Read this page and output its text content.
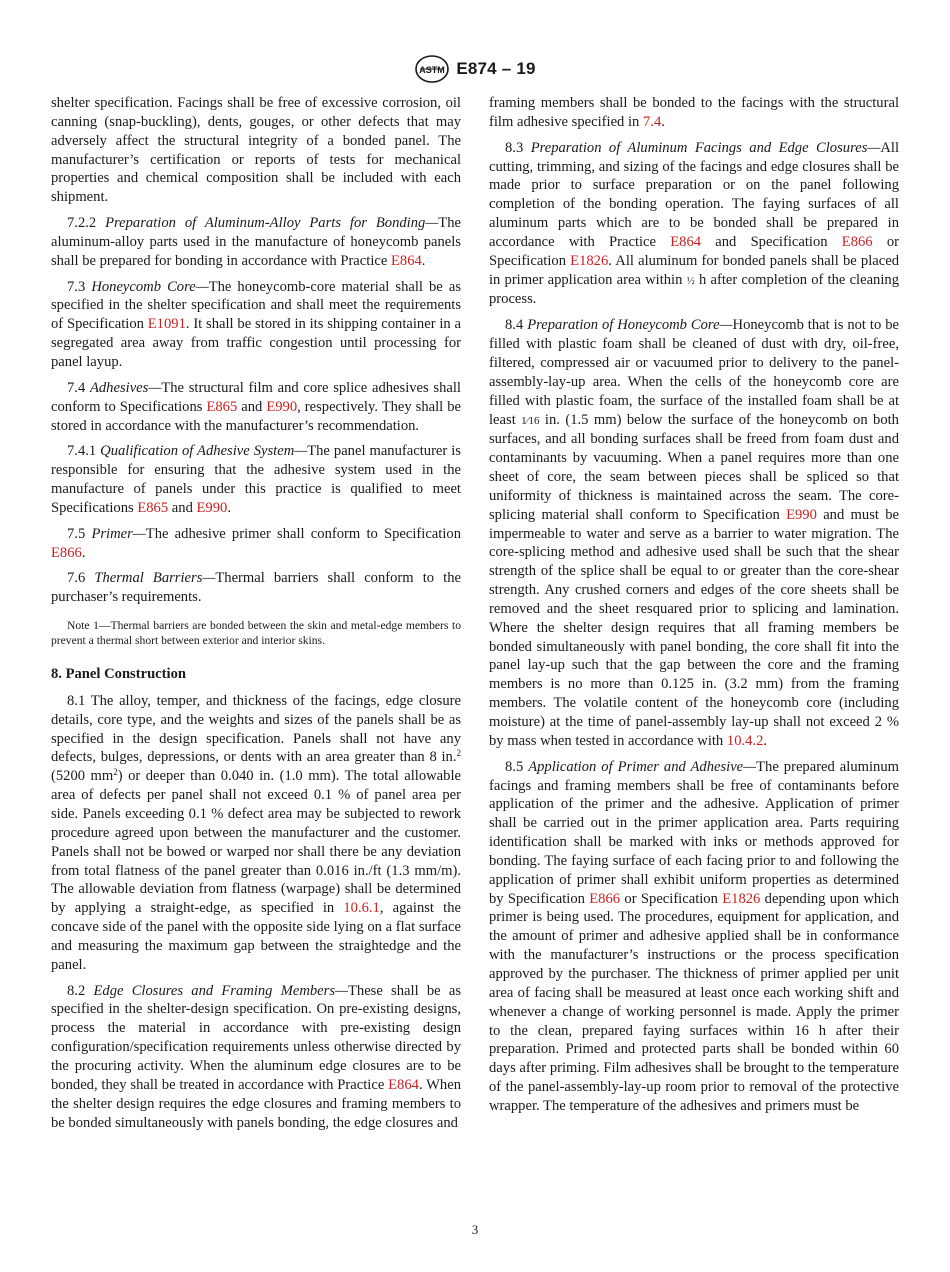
ASTM E874 – 19

shelter specification. Facings shall be free of excessive corrosion, oil canning (snap-buckling), dents, gouges, or other defects that may adversely affect the structural integrity of a bonded panel. The manufacturer’s certification or reports of tests for mechanical properties and chemical composition shall be included with each shipment.

7.2.2 Preparation of Aluminum-Alloy Parts for Bonding—The aluminum-alloy parts used in the manufacture of honeycomb panels shall be prepared for bonding in accordance with Practice E864.

7.3 Honeycomb Core—The honeycomb-core material shall be as specified in the shelter specification and shall meet the requirements of Specification E1091. It shall be stored in its shipping container in a segregated area away from traffic congestion until processing for panel layup.

7.4 Adhesives—The structural film and core splice adhesives shall conform to Specifications E865 and E990, respectively. They shall be stored in accordance with the manufacturer’s recommendation.

7.4.1 Qualification of Adhesive System—The panel manufacturer is responsible for ensuring that the adhesive system used in the manufacture of panels under this practice is qualified to meet Specifications E865 and E990.

7.5 Primer—The adhesive primer shall conform to Specification E866.

7.6 Thermal Barriers—Thermal barriers shall conform to the purchaser’s requirements.

Note 1—Thermal barriers are bonded between the skin and metal-edge members to prevent a thermal short between exterior and interior skins.

8. Panel Construction

8.1 The alloy, temper, and thickness of the facings, edge closure details, core type, and the weights and sizes of the panels shall be as specified in the design specification. Panels shall not have any defects, bulges, depressions, or dents with an area greater than 8 in.$^2$ (5200 $mm^2$) or deeper than 0.040 in. (1.0 mm). The total allowable area of defects per panel shall not exceed 0.1 % of panel area per side. Panels exceeding 0.1 % defect area may be subjected to rework procedure agreed upon between the manufacturer and the customer. Panels shall not be bowed or warped nor shall there be any deviation from total flatness of the panel greater than 0.016 in./ft (1.3 mm/m). The allowable deviation from flatness (warpage) shall be determined by applying a straight-edge, as specified in 10.6.1, against the concave side of the panel with the opposite side lying on a flat surface and measuring the maximum gap between the straightedge and the panel.

8.2 Edge Closures and Framing Members—These shall be as specified in the shelter-design specification. On pre-existing designs, process the material in accordance with pre-existing design configuration/specification requirements unless otherwise directed by the procuring activity. When the aluminum edge closures are to be bonded, they shall be treated in accordance with Practice E864. When the shelter design requires the edge closures and framing members to be bonded simultaneously with panels bonding, the edge closures and

framing members shall be bonded to the facings with the structural film adhesive specified in 7.4.

8.3 Preparation of Aluminum Facings and Edge Closures—All cutting, trimming, and sizing of the facings and edge closures shall be made prior to surface preparation or on the panel following completion of the bonding operation. The faying surfaces of all aluminum parts which are to be bonded shall be prepared in accordance with Practice E864 and Specification E866 or Specification E1826. All aluminum for bonded panels shall be placed in primer application area within ½ h after completion of the cleaning process.

8.4 Preparation of Honeycomb Core—Honeycomb that is not to be filled with plastic foam shall be cleaned of dust with dry, oil-free, filtered, compressed air or vacuumed prior to delivery to the panel-assembly-lay-up area. When the cells of the honeycomb core are filled with plastic foam, the surface of the installed foam shall be at least 1⁄16 in. (1.5 mm) below the surface of the honeycomb on both surfaces, and all bonding surfaces shall be freed from foam dust and contaminants by vacuuming. When a panel requires more than one sheet of core, the seam between pieces shall be spliced so that uniformity of thickness is maintained across the seam. The core-splicing material shall conform to Specification E990 and must be impermeable to water and serve as a barrier to water migration. The core-splicing method and adhesive used shall be such that the shear strength of the splice shall be equal to or greater than the core-shear strength. Any crushed corners and edges of the core sheets shall be removed and the sheet resquared prior to splicing and lamination. Where the shelter design requires that all framing members be bonded simultaneously with panel bonding, the core shall fit into the panel lay-up such that the gap between the core and the framing members is no more than 0.125 in. (3.2 mm) from the framing members. The volatile content of the honeycomb core (including moisture) at the time of panel-assembly lay-up shall not exceed 2 % by mass when tested in accordance with 10.4.2.

8.5 Application of Primer and Adhesive—The prepared aluminum facings and framing members shall be free of contaminants before application of the primer and the adhesive. Application of primer shall be carried out in the primer application area. Parts requiring identification shall be marked with inks or methods approved for bonding. The faying surface of each facing prior to and following the application of primer shall exhibit uniform properties as determined by Specification E866 or Specification E1826 depending upon which primer is being used. The procedures, equipment for application, and the amount of primer and adhesive applied shall be in conformance with the manufacturer’s instructions or the process specification approved by the purchaser. The thickness of primer applied per unit area of facing shall be measured at least once each working shift and whenever a change of working personnel is made. Apply the primer to the clean, prepared faying surfaces within 16 h after their preparation. Primed and protected parts shall be bonded within 60 days after priming. Film adhesives shall be brought to the temperature of the panel-assembly-lay-up room prior to removal of the protective wrapper. The temperature of the adhesives and primers must be

3
